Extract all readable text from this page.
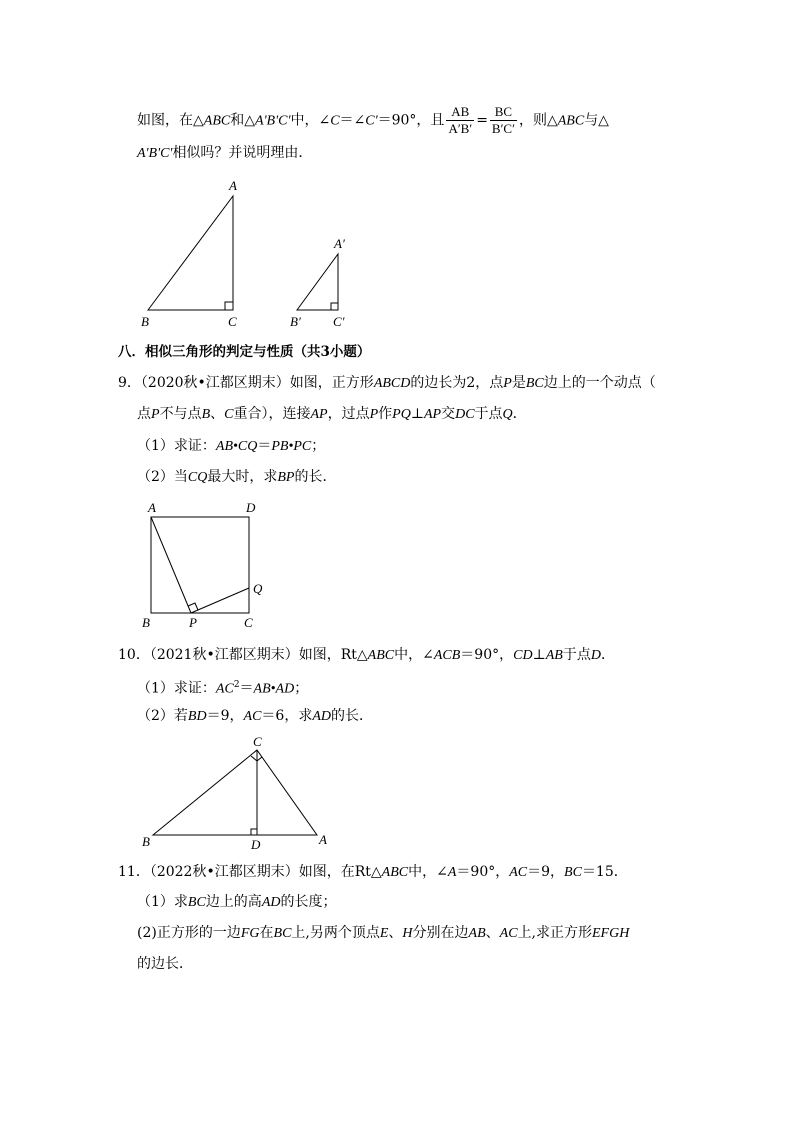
如图，在△ABC和△A'B'C'中，∠C＝∠C'＝90°，且 $\frac{AB}{A'B'} = \frac{BC}{B'C'}$ ，则△ABC与△
A'B'C'相似吗？并说明理由．
A
B	C
A′
B′ C′
八．相似三角形的判定与性质（共3小题）
9．（2020秋•江都区期末）如图，正方形ABCD的边长为2，点P是BC边上的一个动点（
点P不与点B、C重合），连接AP，过点P作PQ⊥AP交DC于点Q．
（1）求证：AB•CQ＝PB•PC；
（2）当CQ最大时，求BP的长．
A	D
B	P	C
Q
10．（2021秋•江都区期末）如图，Rt△ABC中，∠ACB＝90°，CD⊥AB于点D．
（1）求证：$AC^2=AB•AD$；
（2）若BD＝9，AC＝6，求AD的长．
C
B	D	A
11．（2022秋•江都区期末）如图，在Rt△ABC中，∠A＝90°，AC＝9，BC＝15．
（1）求BC边上的高AD的长度；
(2)正方形的一边FG在BC上,另两个顶点E、H分别在边AB、AC上,求正方形EFGH
的边长．
